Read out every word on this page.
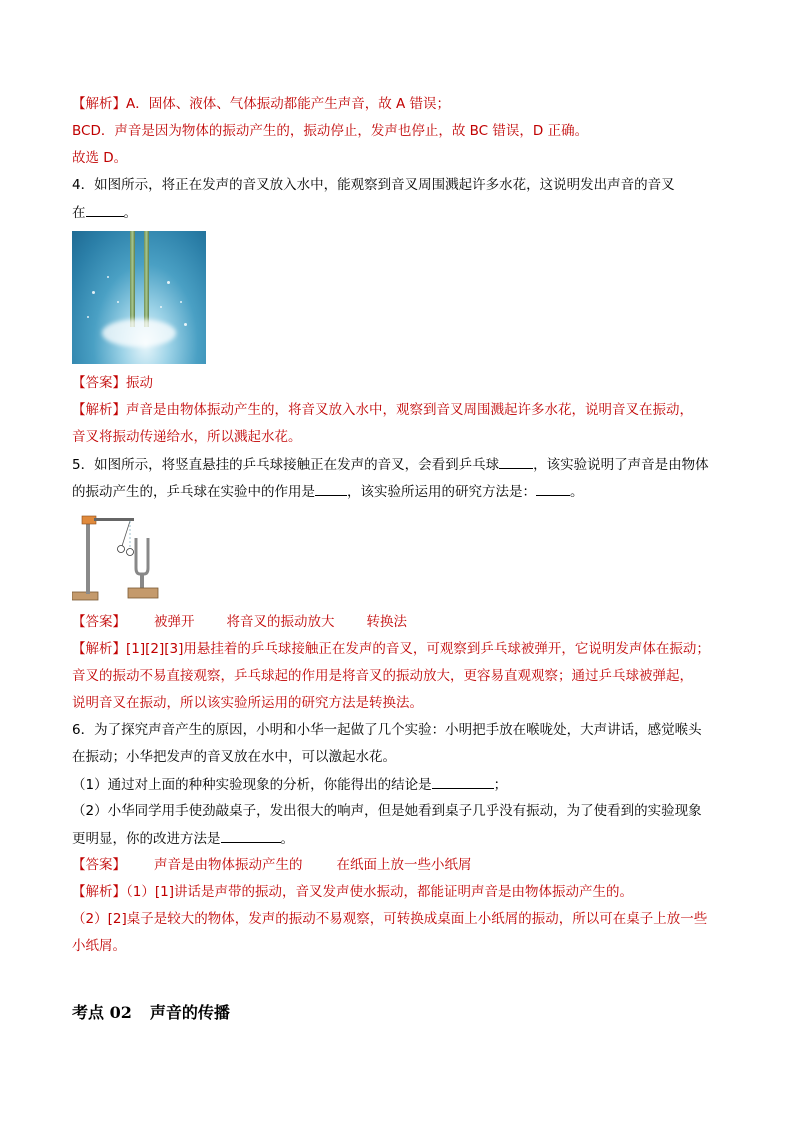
【解析】A．固体、液体、气体振动都能产生声音，故 A 错误；
BCD．声音是因为物体的振动产生的，振动停止，发声也停止，故 BC 错误，D 正确。
故选 D。
4．如图所示，将正在发声的音叉放入水中，能观察到音叉周围溅起许多水花，这说明发出声音的音叉
在	。
【答案】振动
【解析】声音是由物体振动产生的，将音叉放入水中，观察到音叉周围溅起许多水花，说明音叉在振动，
音叉将振动传递给水，所以溅起水花。
5．如图所示，将竖直悬挂的乒乓球接触正在发声的音叉，会看到乒乓球	，该实验说明了声音是由物体
的振动产生的，乒乓球在实验中的作用是 ，该实验所运用的研究方法是：	。
【答案】 被弹开 将音叉的振动放大 转换法
【解析】[1][2][3]用悬挂着的乒乓球接触正在发声的音叉，可观察到乒乓球被弹开，它说明发声体在振动；
音叉的振动不易直接观察，乒乓球起的作用是将音叉的振动放大，更容易直观观察；通过乒乓球被弹起，
说明音叉在振动，所以该实验所运用的研究方法是转换法。
6．为了探究声音产生的原因，小明和小华一起做了几个实验：小明把手放在喉咙处，大声讲话，感觉喉头
在振动；小华把发声的音叉放在水中，可以激起水花。
（1）通过对上面的种种实验现象的分析，你能得出的结论是	；
（2）小华同学用手使劲敲桌子，发出很大的响声，但是她看到桌子几乎没有振动，为了使看到的实验现象
更明显，你的改进方法是	。
【答案】 声音是由物体振动产生的	在纸面上放一些小纸屑
【解析】（1）[1]讲话是声带的振动，音叉发声使水振动，都能证明声音是由物体振动产生的。
（2）[2]桌子是较大的物体，发声的振动不易观察，可转换成桌面上小纸屑的振动，所以可在桌子上放一些
小纸屑。
考点 02 声音的传播
